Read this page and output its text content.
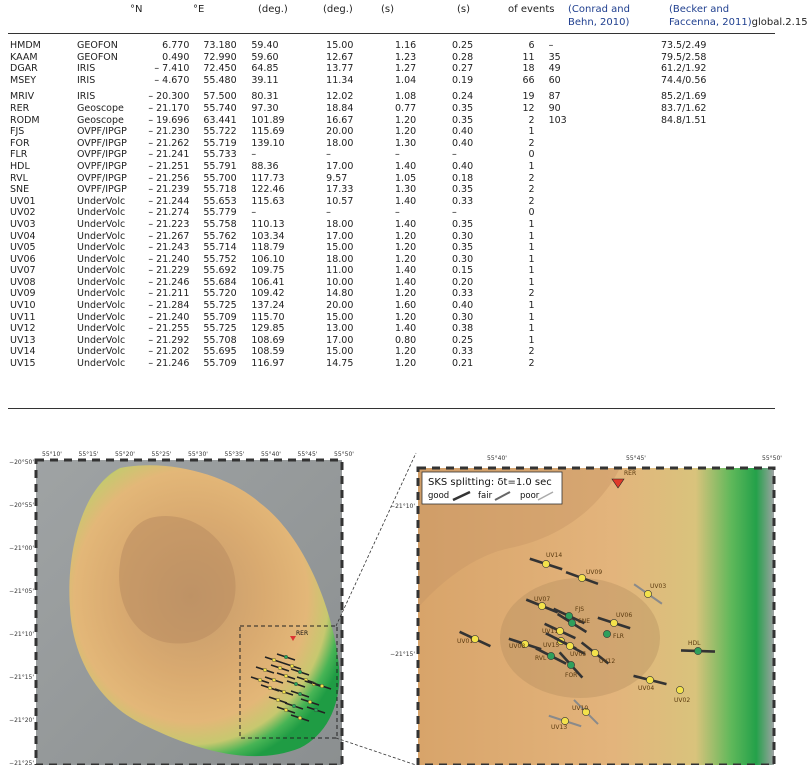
°N	°E	(deg.)	(deg.)	(s)	(s)	of events (Conrad and
Behn, 2010)
(Becker and
Faccenna, 2011)global.2.15
HMDM	GEOFON	6.770	73.180	59.40	15.00	1.16	0.25	6	–	73.5/2.49
KAAM	GEOFON	0.490	72.990	59.60	12.67	1.23	0.28	11	35	79.5/2.58
DGAR	IRIS	– 7.410	72.450	64.85	13.77	1.27	0.27	18	49	61.2/1.92
MSEY	IRIS	– 4.670	55.480	39.11	11.34	1.04	0.19	66	60	74.4/0.56
MRIV	IRIS	– 20.300	57.500	80.31	12.02	1.08	0.24	19	87	85.2/1.69
RER	Geoscope	– 21.170	55.740	97.30	18.84	0.77	0.35	12	90	83.7/1.62
RODM	Geoscope	– 19.696	63.441	101.89	16.67	1.20	0.35	2	103	84.8/1.51
FJS	OVPF/IPGP	– 21.230	55.722	115.69	20.00	1.20	0.40	1		
FOR	OVPF/IPGP	– 21.262	55.719	139.10	18.00	1.30	0.40	2		
FLR	OVPF/IPGP	– 21.241	55.733	–	–	–	–	0		
HDL	OVPF/IPGP	– 21.251	55.791	88.36	17.00	1.40	0.40	1		
RVL	OVPF/IPGP	– 21.256	55.700	117.73	9.57	1.05	0.18	2		
SNE	OVPF/IPGP	– 21.239	55.718	122.46	17.33	1.30	0.35	2		
UV01	UnderVolc	– 21.244	55.653	115.63	10.57	1.40	0.33	2		
UV02	UnderVolc	– 21.274	55.779	–	–	–	–	0		
UV03	UnderVolc	– 21.223	55.758	110.13	18.00	1.40	0.35	1		
UV04	UnderVolc	– 21.267	55.762	103.34	17.00	1.20	0.30	1		
UV05	UnderVolc	– 21.243	55.714	118.79	15.00	1.20	0.35	1		
UV06	UnderVolc	– 21.240	55.752	106.10	18.00	1.20	0.30	1		
UV07	UnderVolc	– 21.229	55.692	109.75	11.00	1.40	0.15	1		
UV08	UnderVolc	– 21.246	55.684	106.41	10.00	1.40	0.20	1		
UV09	UnderVolc	– 21.211	55.720	109.42	14.80	1.20	0.33	2		
UV10	UnderVolc	– 21.284	55.725	137.24	20.00	1.60	0.40	1		
UV11	UnderVolc	– 21.240	55.709	115.70	15.00	1.20	0.30	1		
UV12	UnderVolc	– 21.255	55.725	129.85	13.00	1.40	0.38	1		
UV13	UnderVolc	– 21.292	55.708	108.69	17.00	0.80	0.25	1		
UV14	UnderVolc	– 21.202	55.695	108.59	15.00	1.20	0.33	2		
UV15	UnderVolc	– 21.246	55.709	116.97	14.75	1.20	0.21	2		
55°10'	55°15'	55°20'	55°25'	55°30'	55°35'	55°40'	55°45'	55°50'
−20°50'
−20°55'
−21°00'
−21°05'
−21°10'
−21°15'
−21°20'
−21°25'
RER
55°40'	55°45'	55°50'
−21°10'
−21°15'
SKS splitting: δt=1.0 sec
good	fair	poor
RER
UV14
UV09
UV03
UV07
FJS
SNE
UV06
UV01
UV08
UV11
UV15
UV05
FLR
UV12
RVL
FOR
HDL
UV04
UV02
UV10
UV13
